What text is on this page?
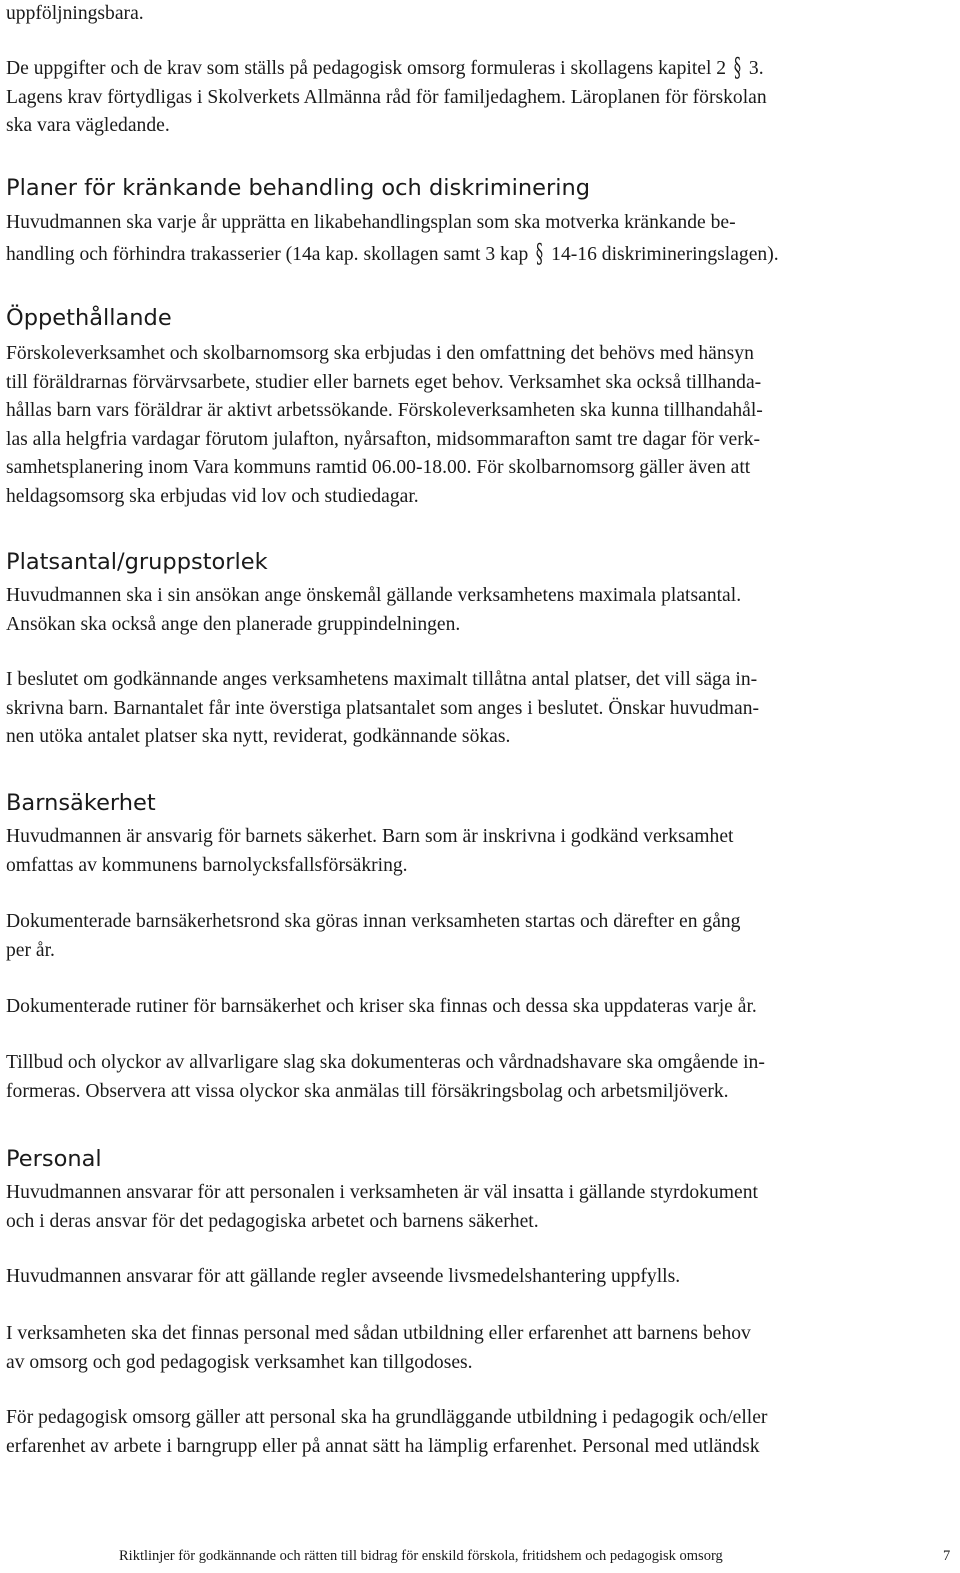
uppföljningsbara.

De uppgifter och de krav som ställs på pedagogisk omsorg formuleras i skollagens kapitel 2 § 3.
Lagens krav förtydligas i Skolverkets Allmänna råd för familjedaghem. Läroplanen för förskolan
ska vara vägledande.

Planer för kränkande behandling och diskriminering

Huvudmannen ska varje år upprätta en likabehandlingsplan som ska motverka kränkande be-
handling och förhindra trakasserier (14a kap. skollagen samt 3 kap § 14-16 diskrimineringslagen).

Öppethållande

Förskoleverksamhet och skolbarnomsorg ska erbjudas i den omfattning det behövs med hänsyn
till föräldrarnas förvärvsarbete, studier eller barnets eget behov. Verksamhet ska också tillhanda-
hållas barn vars föräldrar är aktivt arbetssökande. Förskoleverksamheten ska kunna tillhandahål-
las alla helgfria vardagar förutom julafton, nyårsafton, midsommarafton samt tre dagar för verk-
samhetsplanering inom Vara kommuns ramtid 06.00-18.00. För skolbarnomsorg gäller även att
heldagsomsorg ska erbjudas vid lov och studiedagar.

Platsantal/gruppstorlek

Huvudmannen ska i sin ansökan ange önskemål gällande verksamhetens maximala platsantal.
Ansökan ska också ange den planerade gruppindelningen.

I beslutet om godkännande anges verksamhetens maximalt tillåtna antal platser, det vill säga in-
skrivna barn. Barnantalet får inte överstiga platsantalet som anges i beslutet. Önskar huvudman-
nen utöka antalet platser ska nytt, reviderat, godkännande sökas.

Barnsäkerhet

Huvudmannen är ansvarig för barnets säkerhet. Barn som är inskrivna i godkänd verksamhet
omfattas av kommunens barnolycksfallsförsäkring.

Dokumenterade barnsäkerhetsrond ska göras innan verksamheten startas och därefter en gång
per år.

Dokumenterade rutiner för barnsäkerhet och kriser ska finnas och dessa ska uppdateras varje år.

Tillbud och olyckor av allvarligare slag ska dokumenteras och vårdnadshavare ska omgående in-
formeras. Observera att vissa olyckor ska anmälas till försäkringsbolag och arbetsmiljöverk.

Personal

Huvudmannen ansvarar för att personalen i verksamheten är väl insatta i gällande styrdokument
och i deras ansvar för det pedagogiska arbetet och barnens säkerhet.

Huvudmannen ansvarar för att gällande regler avseende livsmedelshantering uppfylls.

I verksamheten ska det finnas personal med sådan utbildning eller erfarenhet att barnens behov
av omsorg och god pedagogisk verksamhet kan tillgodoses.

För pedagogisk omsorg gäller att personal ska ha grundläggande utbildning i pedagogik och/eller
erfarenhet av arbete i barngrupp eller på annat sätt ha lämplig erfarenhet. Personal med utländsk

Riktlinjer för godkännande och rätten till bidrag för enskild förskola, fritidshem och pedagogisk omsorg	7
